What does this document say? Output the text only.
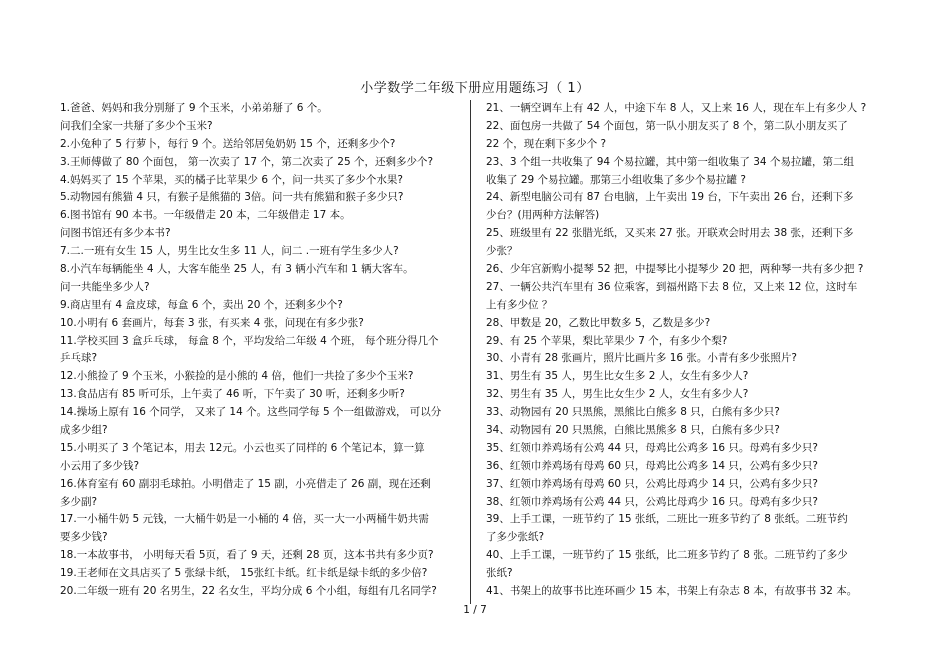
小学数学二年级下册应用题练习（ 1）
1.爸爸、妈妈和我分别掰了 9 个玉米，小弟弟掰了 6 个。
问我们全家一共掰了多少个玉米?
2.小兔种了 5 行萝卜，每行 9 个。送给邻居兔奶奶 15 个，还剩多少个?
3.王师傅做了 80 个面包， 第一次卖了 17 个，第二次卖了 25 个，还剩多少个?
4.妈妈买了 15 个苹果，买的橘子比苹果少 6 个，问一共买了多少个水果?
5.动物园有熊猫 4 只，有猴子是熊猫的 3倍。问一共有熊猫和猴子多少只?
6.图书馆有 90 本书。一年级借走 20 本，二年级借走 17 本。
问图书馆还有多少本书?
7.二.一班有女生 15 人，男生比女生多 11 人，问二 .一班有学生多少人?
8.小汽车每辆能坐 4 人，大客车能坐 25 人，有 3 辆小汽车和 1 辆大客车。
问一共能坐多少人?
9.商店里有 4 盒皮球，每盒 6 个，卖出 20 个，还剩多少个?
10.小明有 6 套画片，每套 3 张，有买来 4 张，问现在有多少张?
11.学校买回 3 盒乒乓球， 每盒 8 个，平均发给二年级 4 个班， 每个班分得几个
乒乓球?
12.小熊捡了 9 个玉米，小猴捡的是小熊的 4 倍，他们一共捡了多少个玉米?
13.食品店有 85 听可乐，上午卖了 46 听，下午卖了 30 听，还剩多少听?
14.操场上原有 16 个同学， 又来了 14 个。这些同学每 5 个一组做游戏， 可以分
成多少组?
15.小明买了 3 个笔记本，用去 12元。小云也买了同样的 6 个笔记本，算一算
小云用了多少钱?
16.体育室有 60 副羽毛球拍。小明借走了 15 副，小亮借走了 26 副，现在还剩
多少副?
17.一小桶牛奶 5 元钱，一大桶牛奶是一小桶的 4 倍，买一大一小两桶牛奶共需
要多少钱?
18.一本故事书， 小明每天看 5页，看了 9 天，还剩 28 页，这本书共有多少页?
19.王老师在文具店买了 5 张绿卡纸， 15张红卡纸。红卡纸是绿卡纸的多少倍?
20.二年级一班有 20 名男生，22 名女生，平均分成 6 个小组，每组有几名同学?
21、一辆空调车上有 42 人，中途下车 8 人，又上来 16 人，现在车上有多少人 ?
22、面包房一共做了 54 个面包，第一队小朋友买了 8 个，第二队小朋友买了
22 个，现在剩下多少个 ?
23、3 个组一共收集了 94 个易拉罐，其中第一组收集了 34 个易拉罐，第二组
收集了 29 个易拉罐。那第三小组收集了多少个易拉罐 ?
24、新型电脑公司有 87 台电脑，上午卖出 19 台，下午卖出 26 台，还剩下多
少台？(用两种方法解答)
25、班级里有 22 张腊光纸，又买来 27 张。开联欢会时用去 38 张，还剩下多
少张？
26、少年宫新购小提琴 52 把，中提琴比小提琴少 20 把，两种琴一共有多少把 ?
27、一辆公共汽车里有 36 位乘客，到福州路下去 8 位，又上来 12 位，这时车
上有多少位 ？
28、甲数是 20，乙数比甲数多 5，乙数是多少?
29、有 25 个苹果，梨比苹果少 7 个，有多少个梨?
30、小青有 28 张画片，照片比画片多 16 张。小青有多少张照片?
31、男生有 35 人，男生比女生多 2 人，女生有多少人?
32、男生有 35 人，男生比女生少 2 人，女生有多少人?
33、动物园有 20 只黑熊，黑熊比白熊多 8 只，白熊有多少只?
34、动物园有 20 只黑熊，白熊比黑熊多 8 只，白熊有多少只?
35、红领巾养鸡场有公鸡 44 只，母鸡比公鸡多 16 只。母鸡有多少只?
36、红领巾养鸡场有母鸡 60 只，母鸡比公鸡多 14 只，公鸡有多少只?
37、红领巾养鸡场有母鸡 60 只，公鸡比母鸡少 14 只，公鸡有多少只?
38、红领巾养鸡场有公鸡 44 只，公鸡比母鸡少 16 只。母鸡有多少只?
39、上手工课，一班节约了 15 张纸，二班比一班多节约了 8 张纸。二班节约
了多少张纸?
40、上手工课，一班节约了 15 张纸，比二班多节约了 8 张。二班节约了多少
张纸?
41、书架上的故事书比连环画少 15 本，书架上有杂志 8 本，有故事书 32 本。
1 / 7
